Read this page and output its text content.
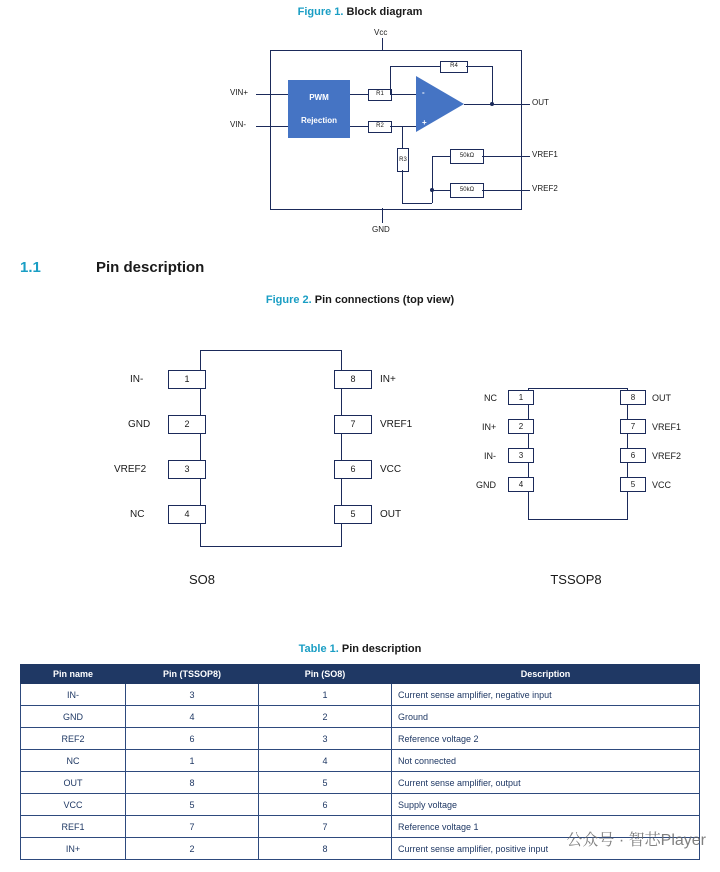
Figure 1. Block diagram
Vcc
GND
VIN+
VIN-
PWM
Rejection
R1
R2
-
+
R4
OUT
R3
50kΩ	VREF1
50kΩ	VREF2
1.1	Pin description
Figure 2. Pin connections (top view)
IN-	1
GND	2
VREF2	3
NC	4
8	IN+
7	VREF1
6	VCC
5	OUT
SO8
NC	1
IN+	2
IN-	3
GND	4
8	OUT
7	VREF1
6	VREF2
5	VCC
TSSOP8
Table 1. Pin description
Pin name	Pin (TSSOP8)	Pin (SO8)	Description
IN-	3	1	Current sense amplifier, negative input
GND	4	2	Ground
REF2	6	3	Reference voltage 2
NC	1	4	Not connected
OUT	8	5	Current sense amplifier, output
VCC	5	6	Supply voltage
REF1	7	7	Reference voltage 1
IN+	2	8	Current sense amplifier, positive input 公众号 · 智芯Player
